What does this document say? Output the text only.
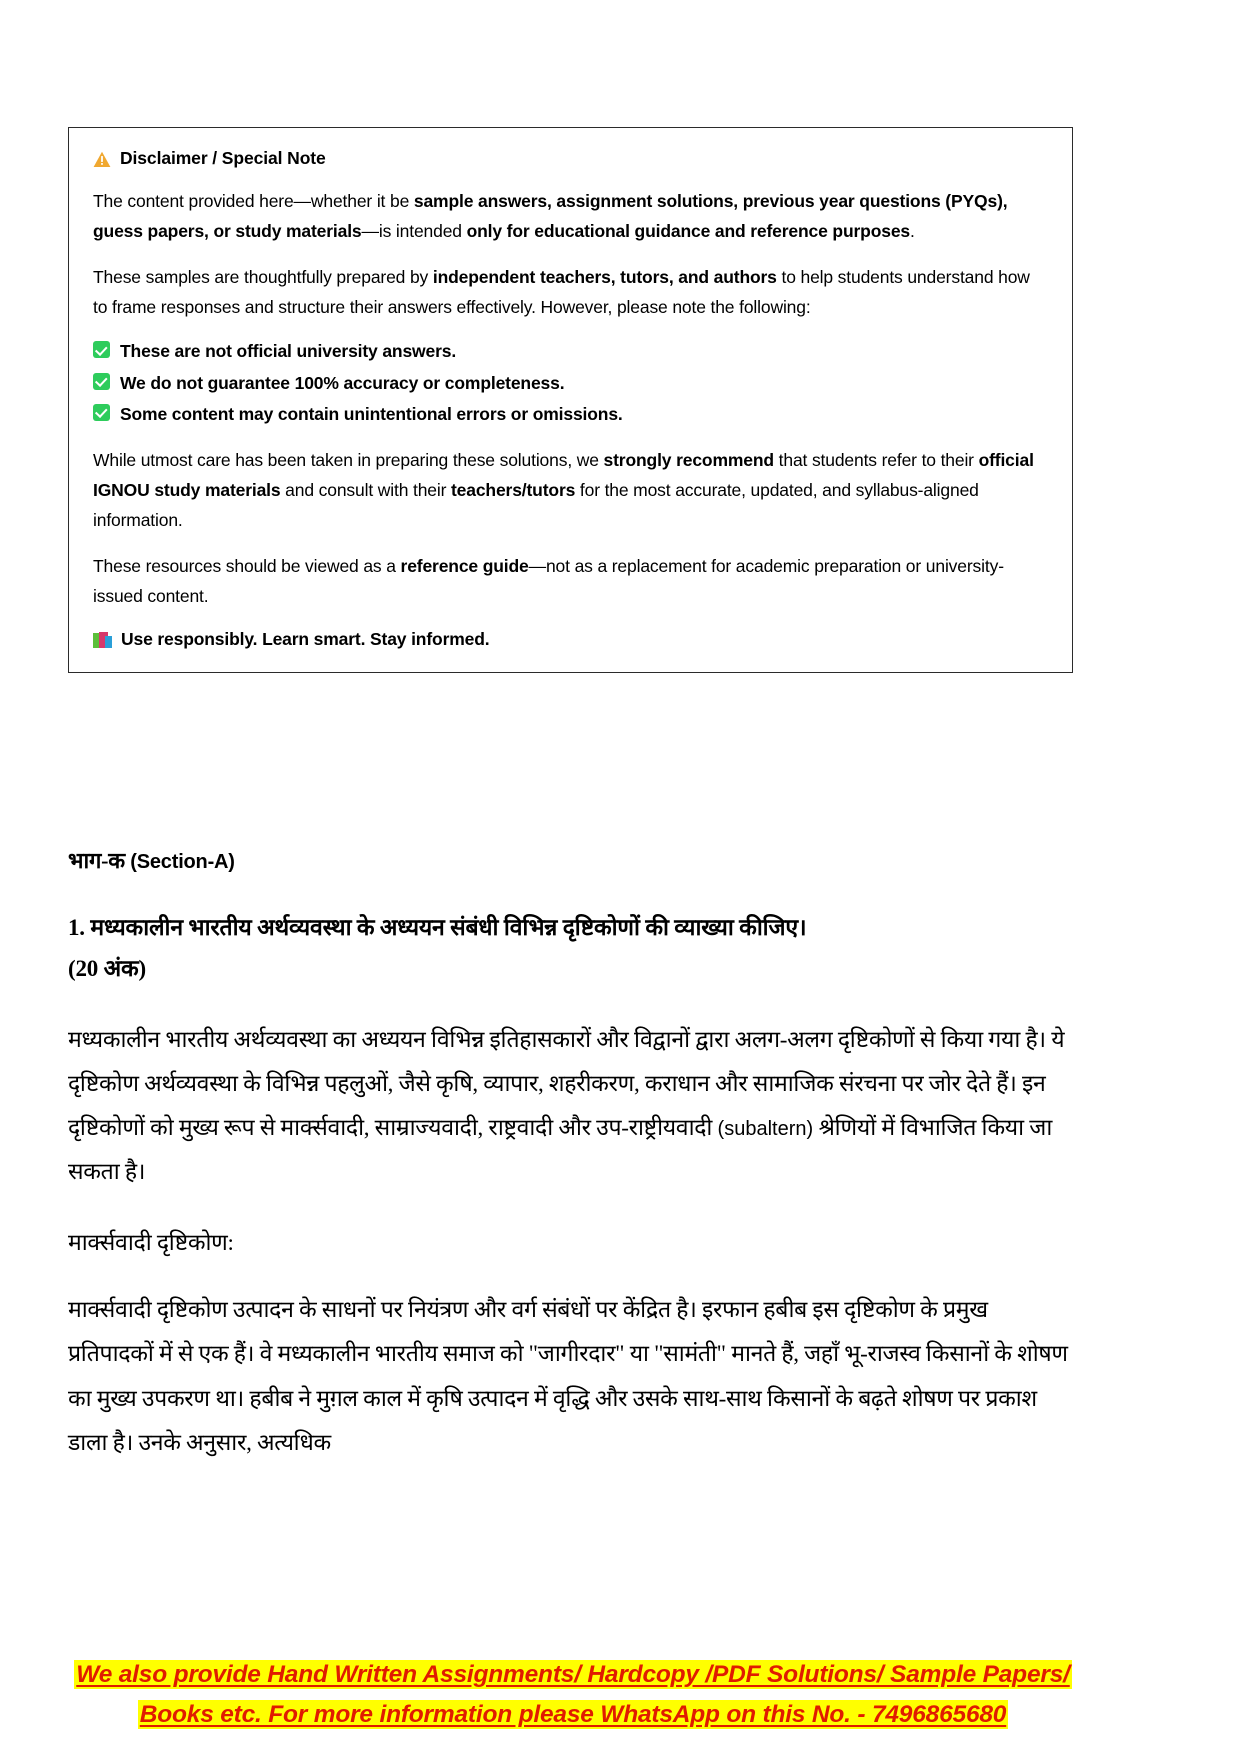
Disclaimer / Special Note

The content provided here—whether it be sample answers, assignment solutions, previous year questions (PYQs), guess papers, or study materials—is intended only for educational guidance and reference purposes.

These samples are thoughtfully prepared by independent teachers, tutors, and authors to help students understand how to frame responses and structure their answers effectively. However, please note the following:

These are not official university answers.
We do not guarantee 100% accuracy or completeness.
Some content may contain unintentional errors or omissions.

While utmost care has been taken in preparing these solutions, we strongly recommend that students refer to their official IGNOU study materials and consult with their teachers/tutors for the most accurate, updated, and syllabus-aligned information.

These resources should be viewed as a reference guide—not as a replacement for academic preparation or university-issued content.

Use responsibly. Learn smart. Stay informed.
भाग-क (Section-A)
1. मध्यकालीन भारतीय अर्थव्यवस्था के अध्ययन संबंधी विभिन्न दृष्टिकोणों की व्याख्या कीजिए।
(20 अंक)

मध्यकालीन भारतीय अर्थव्यवस्था का अध्ययन विभिन्न इतिहासकारों और विद्वानों द्वारा अलग-अलग दृष्टिकोणों से किया गया है। ये दृष्टिकोण अर्थव्यवस्था के विभिन्न पहलुओं, जैसे कृषि, व्यापार, शहरीकरण, कराधान और सामाजिक संरचना पर जोर देते हैं। इन दृष्टिकोणों को मुख्य रूप से मार्क्सवादी, साम्राज्यवादी, राष्ट्रवादी और उप-राष्ट्रीयवादी (subaltern) श्रेणियों में विभाजित किया जा सकता है।

मार्क्सवादी दृष्टिकोण:

मार्क्सवादी दृष्टिकोण उत्पादन के साधनों पर नियंत्रण और वर्ग संबंधों पर केंद्रित है। इरफान हबीब इस दृष्टिकोण के प्रमुख प्रतिपादकों में से एक हैं। वे मध्यकालीन भारतीय समाज को "जागीरदार" या "सामंती" मानते हैं, जहाँ भू-राजस्व किसानों के शोषण का मुख्य उपकरण था। हबीब ने मुग़ल काल में कृषि उत्पादन में वृद्धि और उसके साथ-साथ किसानों के बढ़ते शोषण पर प्रकाश डाला है। उनके अनुसार, अत्यधिक

We also provide Hand Written Assignments/ Hardcopy /PDF Solutions/ Sample Papers/
Books etc. For more information please WhatsApp on this No. - 7496865680
